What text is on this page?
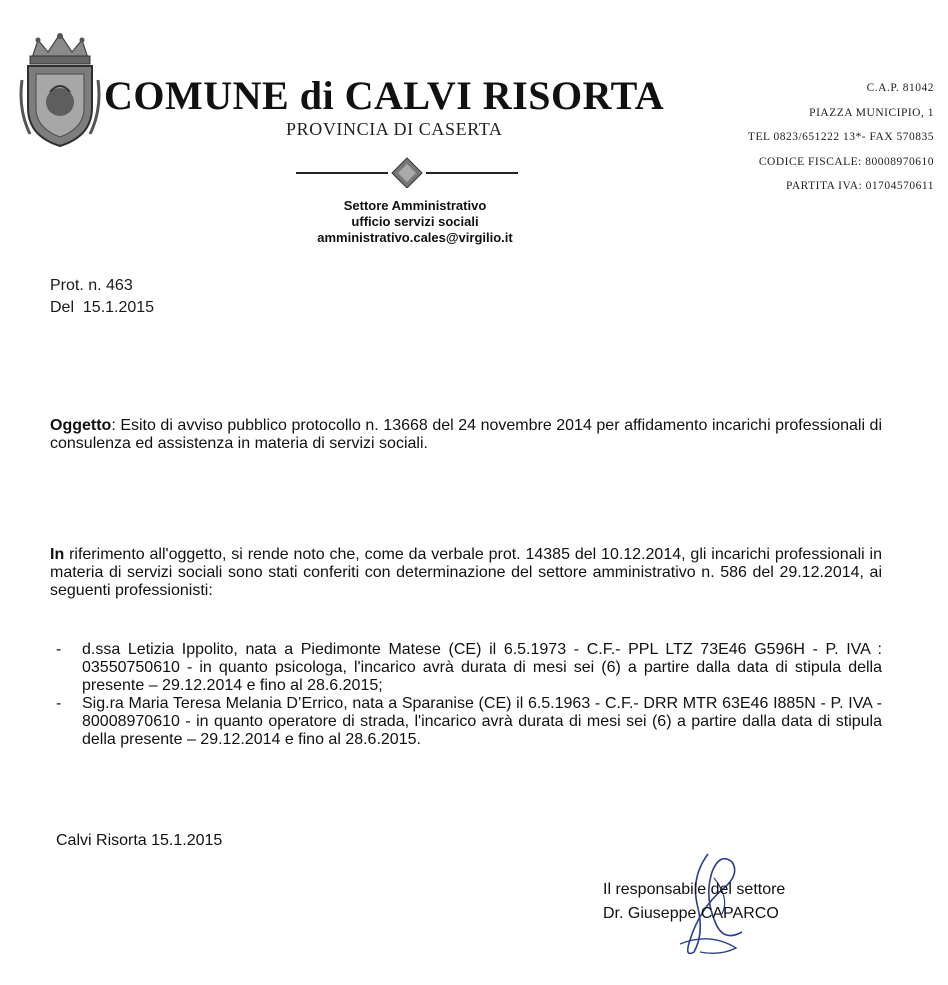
COMUNE di CALVI RISORTA
PROVINCIA DI CASERTA
C.A.P. 81042
PIAZZA MUNICIPIO, 1
TEL 0823/651222 13*- FAX 570835
CODICE FISCALE: 80008970610
PARTITA IVA: 01704570611
Settore Amministrativo
ufficio servizi sociali
amministrativo.cales@virgilio.it
Prot. n. 463
Del  15.1.2015
Oggetto: Esito di avviso pubblico protocollo n. 13668 del 24 novembre 2014 per affidamento incarichi professionali di consulenza ed assistenza in materia di servizi sociali.
In riferimento all'oggetto, si rende noto che, come da verbale prot. 14385 del 10.12.2014, gli incarichi professionali in materia di servizi sociali sono stati conferiti con determinazione del settore amministrativo n. 586 del 29.12.2014, ai seguenti professionisti:
- d.ssa Letizia Ippolito, nata a Piedimonte Matese (CE) il 6.5.1973 - C.F.- PPL LTZ 73E46 G596H - P. IVA : 03550750610 - in quanto psicologa, l'incarico avrà durata di mesi sei (6) a partire dalla data di stipula della presente – 29.12.2014 e fino al 28.6.2015;
- Sig.ra Maria Teresa Melania D’Errico, nata a Sparanise (CE) il 6.5.1963 - C.F.- DRR MTR 63E46 I885N - P. IVA - 80008970610 - in quanto operatore di strada, l'incarico avrà durata di mesi sei (6) a partire dalla data di stipula della presente – 29.12.2014 e fino al 28.6.2015.
Calvi Risorta 15.1.2015
Il responsabile del settore
Dr. Giuseppe CAPARCO
